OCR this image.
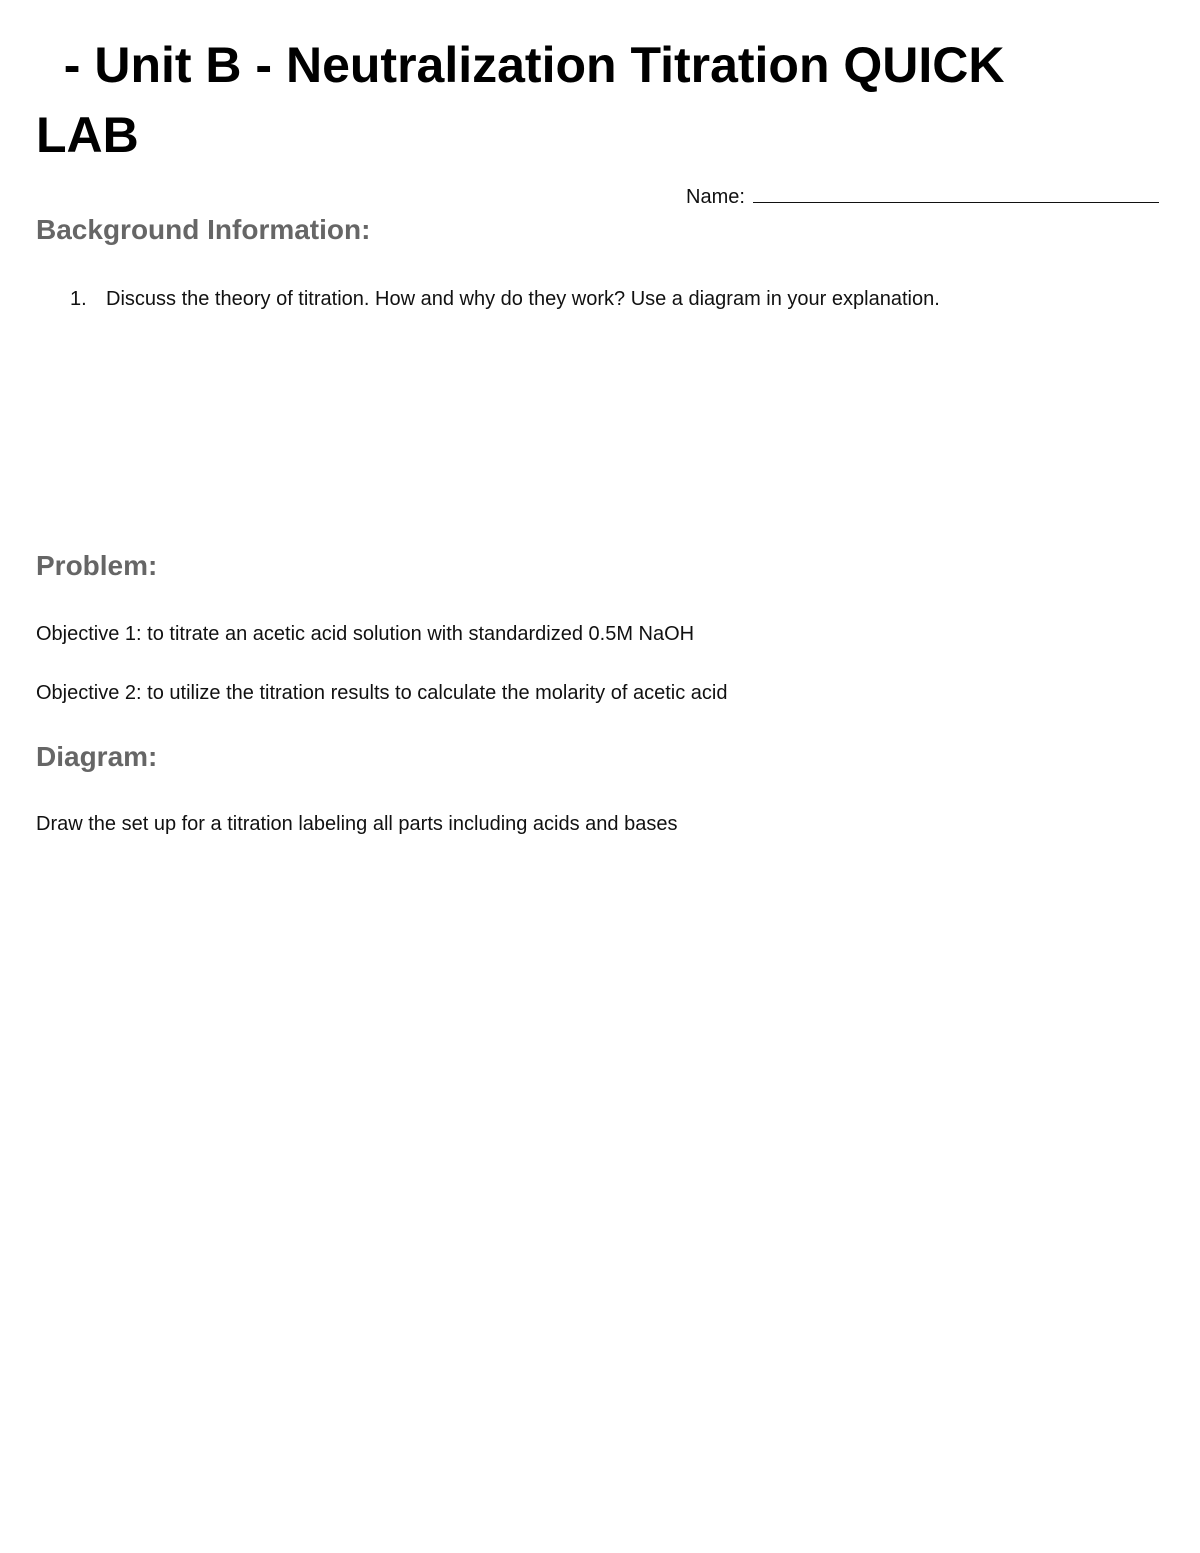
- Unit B - Neutralization Titration QUICK LAB
Name:
Background Information:
1. Discuss the theory of titration. How and why do they work? Use a diagram in your explanation.
Problem:
Objective 1: to titrate an acetic acid solution with standardized 0.5M NaOH
Objective 2: to utilize the titration results to calculate the molarity of acetic acid
Diagram:
Draw the set up for a titration labeling all parts including acids and bases
